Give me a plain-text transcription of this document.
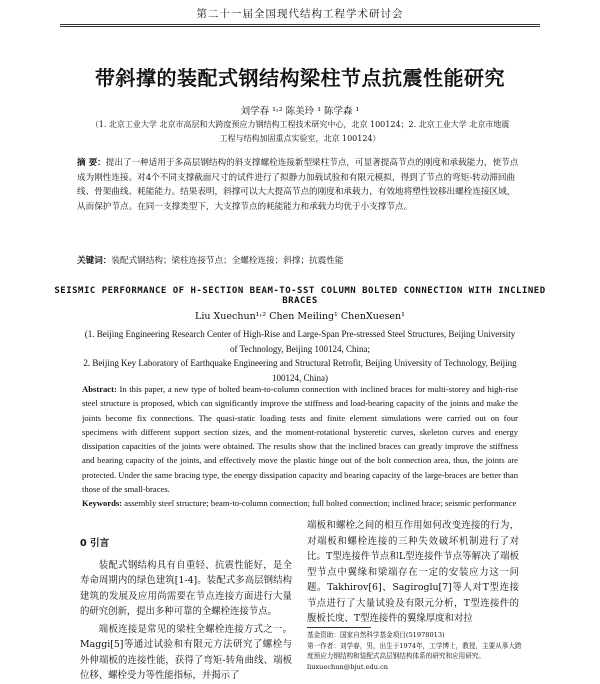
第二十一届全国现代结构工程学术研讨会
带斜撑的装配式钢结构梁柱节点抗震性能研究
刘学春 ¹˒² 陈美玲 ¹ 陈学森 ¹
（1. 北京工业大学 北京市高层和大跨度预应力钢结构工程技术研究中心，北京 100124；2. 北京工业大学 北京市地震
工程与结构加固重点实验室，北京 100124）
摘 要：提出了一种适用于多高层钢结构的斜支撑螺栓连接新型梁柱节点，可显著提高节点的刚度和承载能力，使节点成为刚性连接。对4个不同支撑截面尺寸的试件进行了拟静力加载试验和有限元模拟，得到了节点的弯矩-转动滞回曲线、骨架曲线、耗能能力。结果表明，斜撑可以大大提高节点的刚度和承载力，有效地将塑性铰移出螺栓连接区域，从而保护节点。在同一支撑类型下，大支撑节点的耗能能力和承载力均优于小支撑节点。
关键词：装配式钢结构；梁柱连接节点；全螺栓连接；斜撑；抗震性能
SEISMIC PERFORMANCE OF H-SECTION BEAM-TO-SST COLUMN BOLTED CONNECTION WITH INCLINED BRACES
Liu Xuechun¹˒² Chen Meiling¹ ChenXuesen¹
(1. Beijing Engineering Research Center of High-Rise and Large-Span Pre-stressed Steel Structures, Beijing University of Technology, Beijing 100124, China;
2. Beijing Key Laboratory of Earthquake Engineering and Structural Retrofit, Beijing University of Technology, Beijing 100124, China)
Abstract: In this paper, a new type of bolted beam-to-column connection with inclined braces for multi-storey and high-rise steel structure is proposed, which can significantly improve the stiffness and load-bearing capacity of the joints and make the joints become fix connections. The quasi-static loading tests and finite element simulations were carried out on four specimens with different support section sizes, and the moment-rotational hysteretic curves, skeleton curves and energy dissipation capacities of the joints were obtained. The results show that the inclined braces can greatly improve the stiffness and bearing capacity of the joints, and effectively move the plastic hinge out of the bolt connection area, thus, the joints are protected. Under the same bracing type, the energy dissipation capacity and bearing capacity of the large-braces are better than those of the small-braces.
Keywords: assembly steel structure; beam-to-column connection; full bolted connection; inclined brace; seismic performance
0 引言

装配式钢结构具有自重轻、抗震性能好，是全寿命周期内的绿色建筑[1-4]。装配式多高层钢结构建筑的发展及应用尚需要在节点连接方面进行大量的研究创新，提出多种可靠的全螺栓连接节点。

端板连接是常见的梁柱全螺栓连接方式之一。Maggi[5]等通过试验和有限元方法研究了螺栓与外伸端板的连接性能，获得了弯矩-转角曲线、端板位移、螺栓受力等性能指标，并揭示了

端板和螺栓之间的相互作用如何改变连接的行为，对端板和螺栓连接的三种失效破坏机制进行了对比。T型连接件节点和L型连接件节点等解决了端板型节点中翼缘和梁端存在一定的安装应力这一问题。Takhirov[6]、Sagiroglu[7]等人对T型连接节点进行了大量试验及有限元分析，T型连接件的腹板长度、T型连接件的翼缘厚度和对拉

基金资助：国家自然科学基金项目(51978013)
第一作者：刘学春，男，出生于1974年，工学博士，教授，主要从事大跨度预应力钢结构和装配式高层钢结构体系的研究和应用研究。
liuxuechun@bjut.edu.cn
